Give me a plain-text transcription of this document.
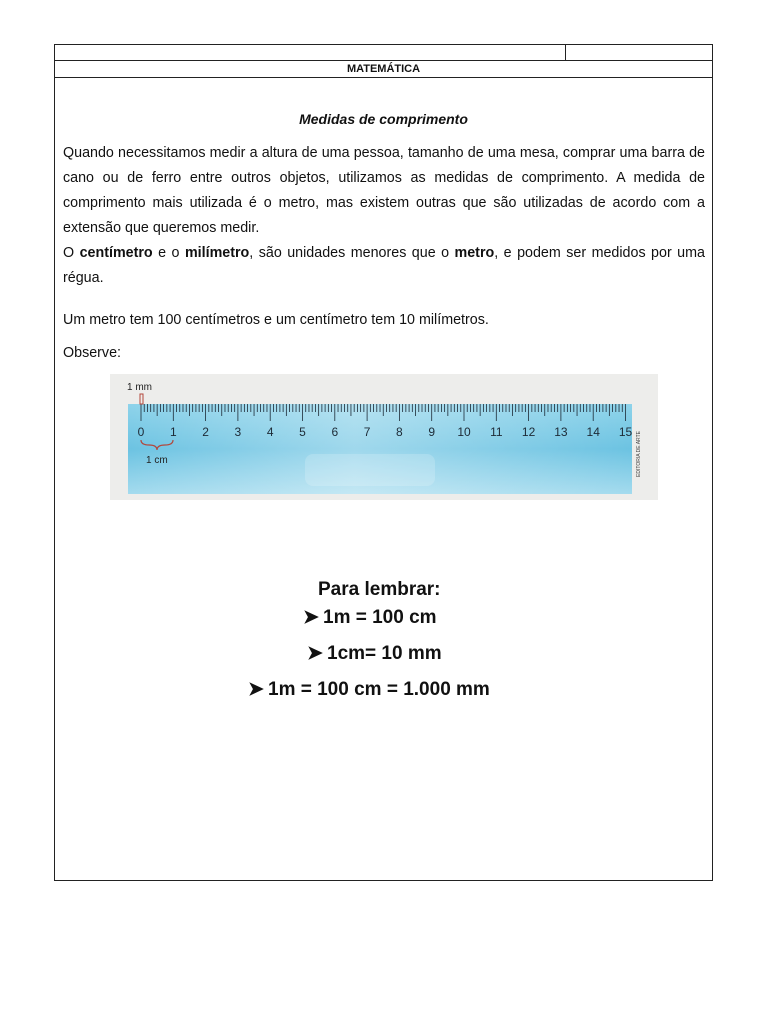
MATEMÁTICA
Medidas de comprimento

Quando necessitamos medir a altura de uma pessoa, tamanho de uma mesa, comprar uma barra de cano ou de ferro entre outros objetos, utilizamos as medidas de comprimento. A medida de comprimento mais utilizada é o metro, mas existem outras que são utilizadas de acordo com a extensão que queremos medir.
O centímetro e o milímetro, são unidades menores que o metro, e podem ser medidos por uma régua.

Um metro tem 100 centímetros e um centímetro tem 10 milímetros.

Observe:

0 1 2 3 4 5 6 7 8 9 10 11 12 13 14 15
1 mm
1 cm	EDITORIA DE ARTE
Para lembrar:
➤ 1m = 100 cm
➤ 1cm= 10 mm
➤ 1m = 100 cm = 1.000 mm
